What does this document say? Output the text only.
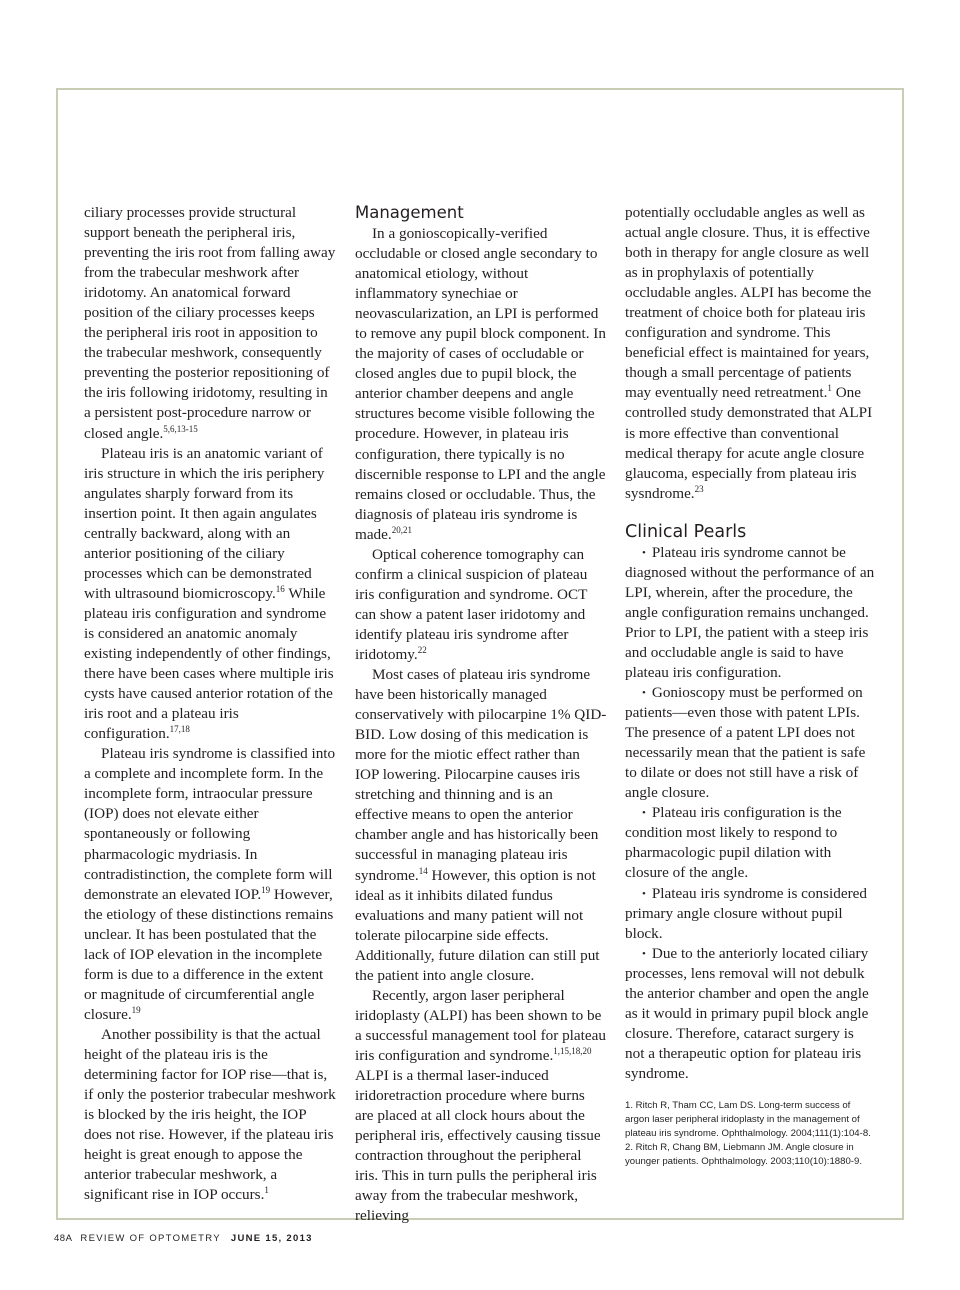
ciliary processes provide structural support beneath the peripheral iris, preventing the iris root from falling away from the trabecular meshwork after iridotomy. An anatomical forward position of the ciliary processes keeps the peripheral iris root in apposition to the trabecular meshwork, consequently preventing the posterior repositioning of the iris following iridotomy, resulting in a persistent post-procedure narrow or closed angle.$^{5,6,13-15}$

Plateau iris is an anatomic variant of iris structure in which the iris periphery angulates sharply forward from its insertion point. It then again angulates centrally backward, along with an anterior positioning of the ciliary processes which can be demonstrated with ultrasound biomicroscopy.$^{16}$ While plateau iris configuration and syndrome is considered an anatomic anomaly existing independently of other findings, there have been cases where multiple iris cysts have caused anterior rotation of the iris root and a plateau iris configuration.$^{17,18}$

Plateau iris syndrome is classified into a complete and incomplete form. In the incomplete form, intraocular pressure (IOP) does not elevate either spontaneously or following pharmacologic mydriasis. In contradistinction, the complete form will demonstrate an elevated IOP.$^{19}$ However, the etiology of these distinctions remains unclear. It has been postulated that the lack of IOP elevation in the incomplete form is due to a difference in the extent or magnitude of circumferential angle closure.$^{19}$

Another possibility is that the actual height of the plateau iris is the determining factor for IOP rise—that is, if only the posterior trabecular meshwork is blocked by the iris height, the IOP does not rise. However, if the plateau iris height is great enough to appose the anterior trabecular meshwork, a significant rise in IOP occurs.$^1$

Management

In a gonioscopically-verified occludable or closed angle secondary to anatomical etiology, without inflammatory synechiae or neovascularization, an LPI is performed to remove any pupil block component. In the majority of cases of occludable or closed angles due to pupil block, the anterior chamber deepens and angle structures become visible following the procedure. However, in plateau iris configuration, there typically is no discernible response to LPI and the angle remains closed or occludable. Thus, the diagnosis of plateau iris syndrome is made.$^{20,21}$

Optical coherence tomography can confirm a clinical suspicion of plateau iris configuration and syndrome. OCT can show a patent laser iridotomy and identify plateau iris syndrome after iridotomy.$^{22}$

Most cases of plateau iris syndrome have been historically managed conservatively with pilocarpine 1% QID-BID. Low dosing of this medication is more for the miotic effect rather than IOP lowering. Pilocarpine causes iris stretching and thinning and is an effective means to open the anterior chamber angle and has historically been successful in managing plateau iris syndrome.$^{14}$ However, this option is not ideal as it inhibits dilated fundus evaluations and many patient will not tolerate pilocarpine side effects. Additionally, future dilation can still put the patient into angle closure.

Recently, argon laser peripheral iridoplasty (ALPI) has been shown to be a successful management tool for plateau iris configuration and syndrome.$^{1,15,18,20}$ ALPI is a thermal laser-induced iridoretraction procedure where burns are placed at all clock hours about the peripheral iris, effectively causing tissue contraction throughout the peripheral iris. This in turn pulls the peripheral iris away from the trabecular meshwork, relieving

potentially occludable angles as well as actual angle closure. Thus, it is effective both in therapy for angle closure as well as in prophylaxis of potentially occludable angles. ALPI has become the treatment of choice both for plateau iris configuration and syndrome. This beneficial effect is maintained for years, though a small percentage of patients may eventually need retreatment.$^1$ One controlled study demonstrated that ALPI is more effective than conventional medical therapy for acute angle closure glaucoma, especially from plateau iris sysndrome.$^{23}$

Clinical Pearls

• Plateau iris syndrome cannot be diagnosed without the performance of an LPI, wherein, after the procedure, the angle configuration remains unchanged. Prior to LPI, the patient with a steep iris and occludable angle is said to have plateau iris configuration.

• Gonioscopy must be performed on patients—even those with patent LPIs. The presence of a patent LPI does not necessarily mean that the patient is safe to dilate or does not still have a risk of angle closure.

• Plateau iris configuration is the condition most likely to respond to pharmacologic pupil dilation with closure of the angle.

• Plateau iris syndrome is considered primary angle closure without pupil block.

• Due to the anteriorly located ciliary processes, lens removal will not debulk the anterior chamber and open the angle as it would in primary pupil block angle closure. Therefore, cataract surgery is not a therapeutic option for plateau iris syndrome.

1. Ritch R, Tham CC, Lam DS. Long-term success of argon laser peripheral iridoplasty in the management of plateau iris syndrome. Ophthalmology. 2004;111(1):104-8.
2. Ritch R, Chang BM, Liebmann JM. Angle closure in younger patients. Ophthalmology. 2003;110(10):1880-9.
48A REVIEW OF OPTOMETRY JUNE 15, 2013
